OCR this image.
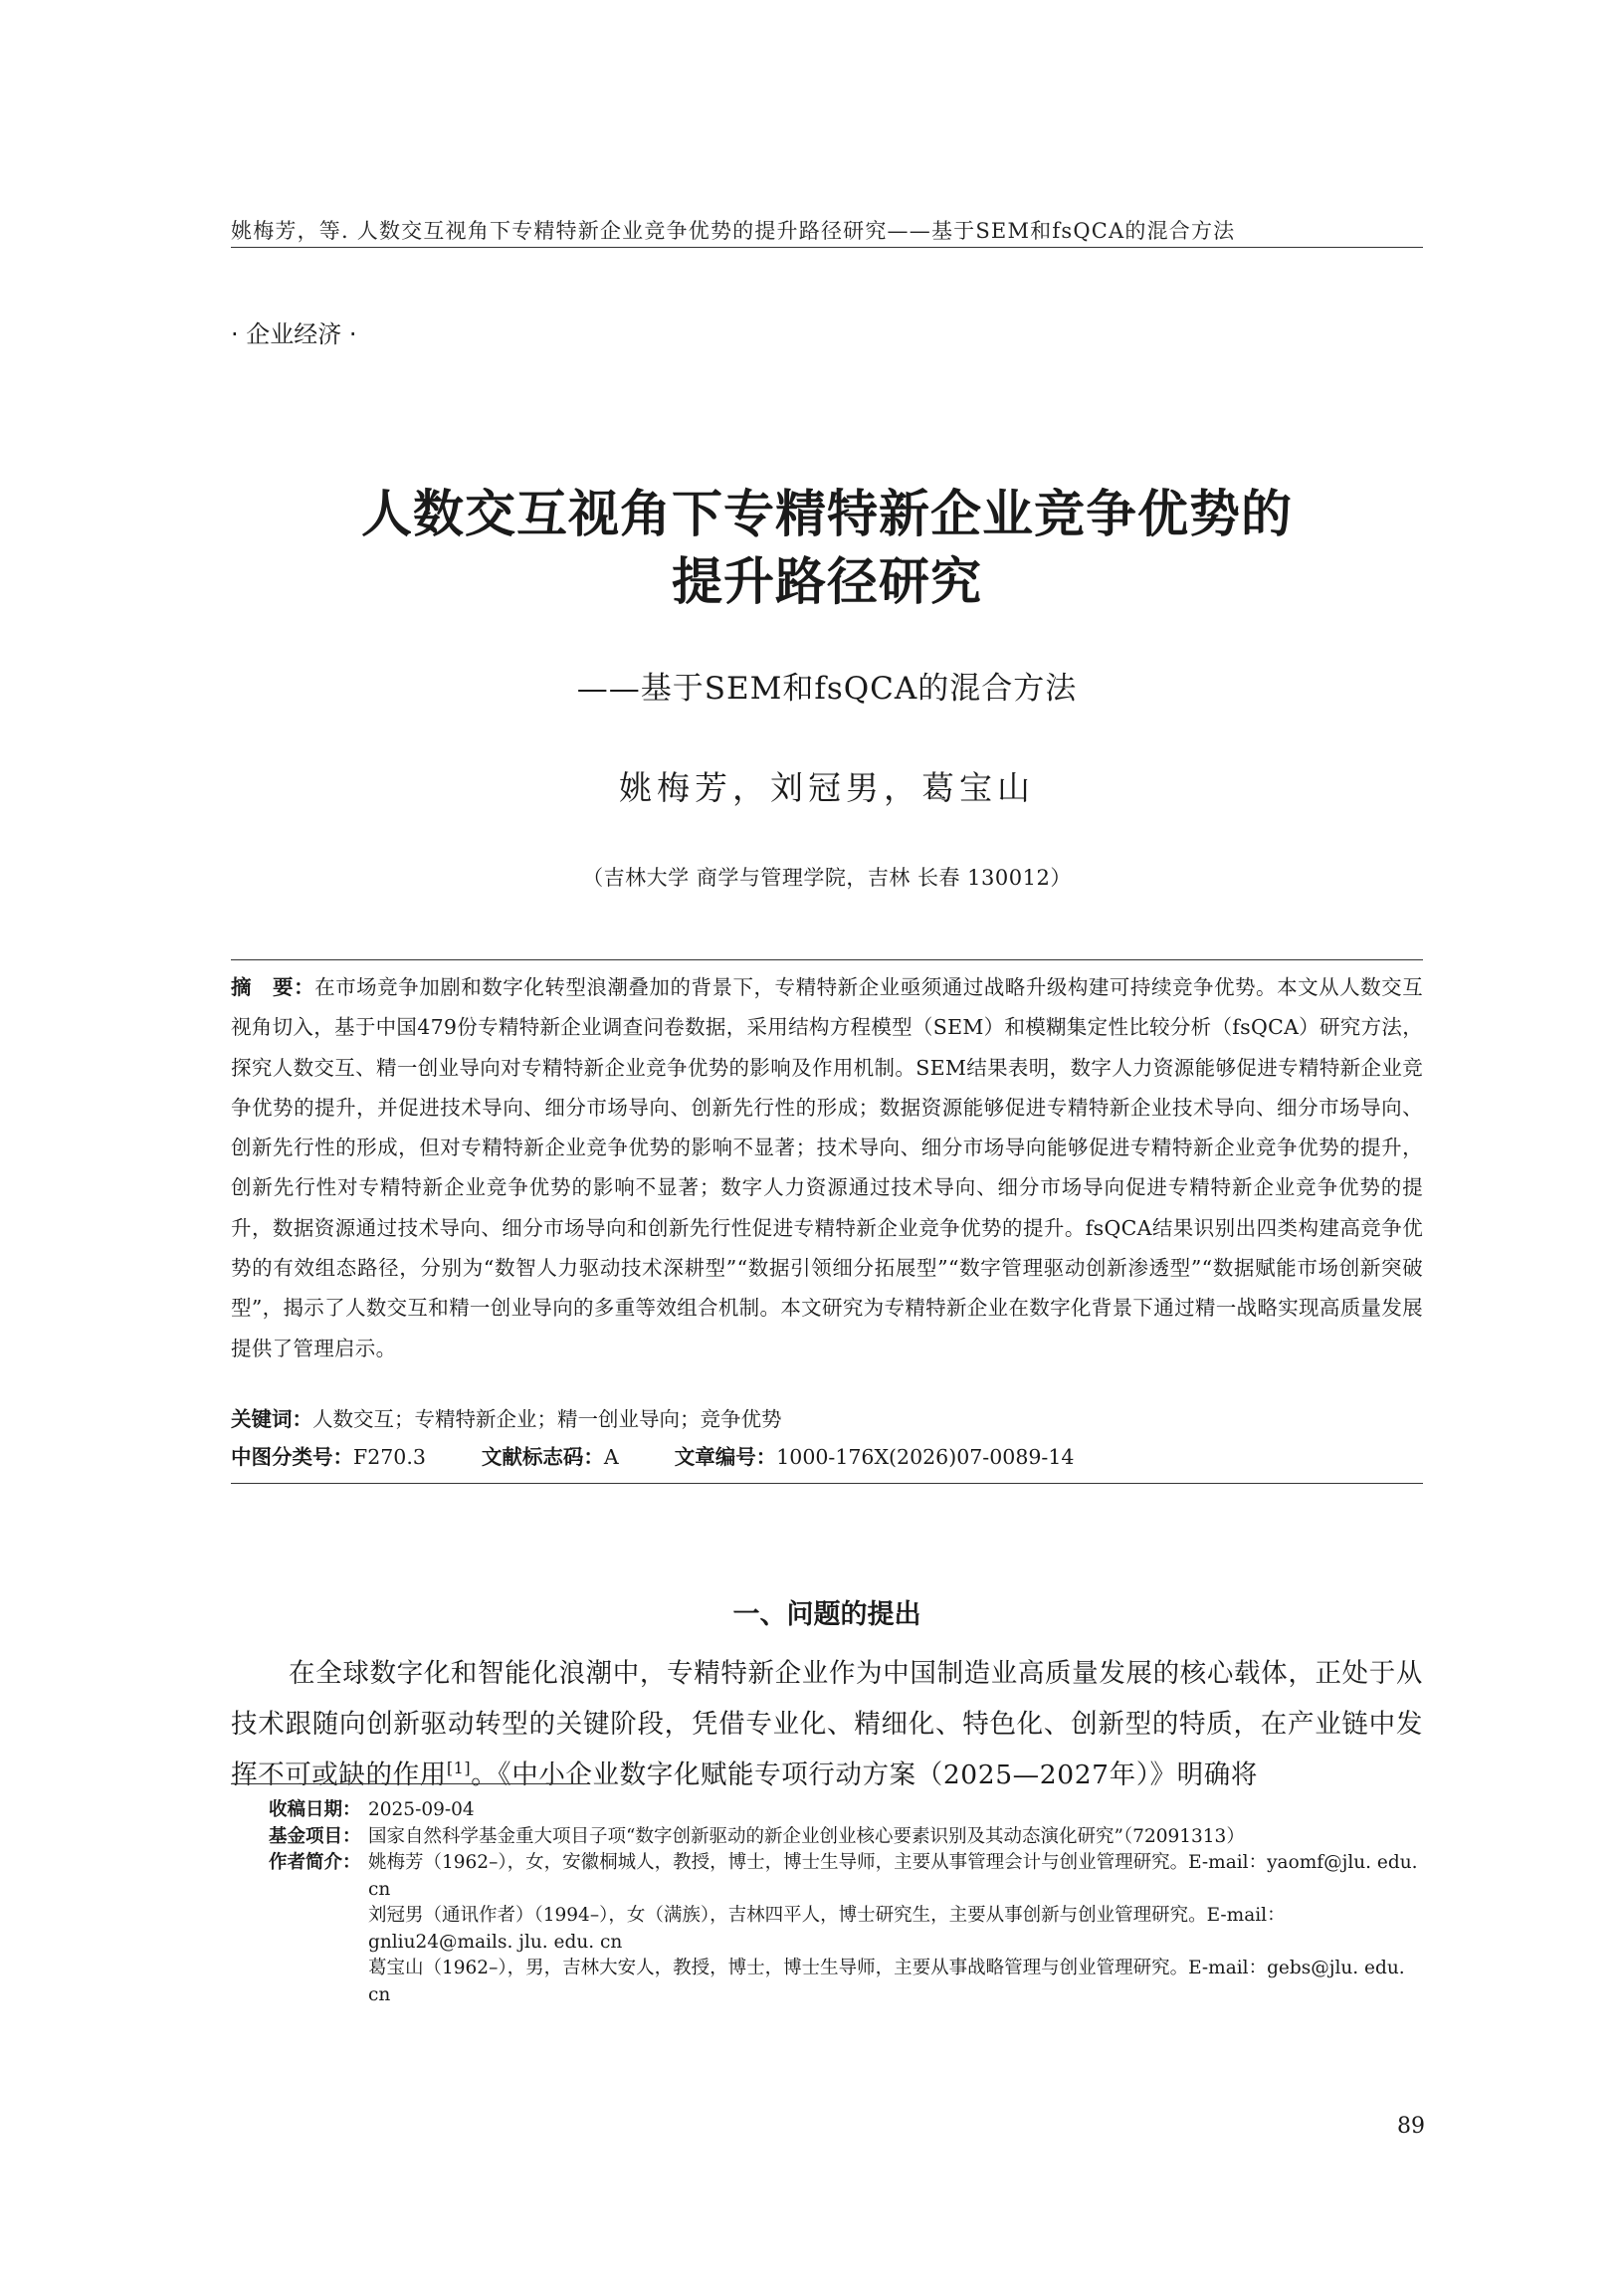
姚梅芳，等. 人数交互视角下专精特新企业竞争优势的提升路径研究——基于SEM和fsQCA的混合方法
· 企业经济 ·
人数交互视角下专精特新企业竞争优势的
提升路径研究
——基于SEM和fsQCA的混合方法
姚梅芳，刘冠男，葛宝山
（吉林大学 商学与管理学院，吉林 长春 130012）
摘　要：在市场竞争加剧和数字化转型浪潮叠加的背景下，专精特新企业亟须通过战略升级构建可持续竞争优势。本文从人数交互视角切入，基于中国479份专精特新企业调查问卷数据，采用结构方程模型（SEM）和模糊集定性比较分析（fsQCA）研究方法，探究人数交互、精一创业导向对专精特新企业竞争优势的影响及作用机制。SEM结果表明，数字人力资源能够促进专精特新企业竞争优势的提升，并促进技术导向、细分市场导向、创新先行性的形成；数据资源能够促进专精特新企业技术导向、细分市场导向、创新先行性的形成，但对专精特新企业竞争优势的影响不显著；技术导向、细分市场导向能够促进专精特新企业竞争优势的提升，创新先行性对专精特新企业竞争优势的影响不显著；数字人力资源通过技术导向、细分市场导向促进专精特新企业竞争优势的提升，数据资源通过技术导向、细分市场导向和创新先行性促进专精特新企业竞争优势的提升。fsQCA结果识别出四类构建高竞争优势的有效组态路径，分别为“数智人力驱动技术深耕型”“数据引领细分拓展型”“数字管理驱动创新渗透型”“数据赋能市场创新突破型”，揭示了人数交互和精一创业导向的多重等效组合机制。本文研究为专精特新企业在数字化背景下通过精一战略实现高质量发展提供了管理启示。
关键词：人数交互；专精特新企业；精一创业导向；竞争优势
中图分类号：F270.3	文献标志码：A	文章编号：1000-176X(2026)07-0089-14
一、问题的提出
在全球数字化和智能化浪潮中，专精特新企业作为中国制造业高质量发展的核心载体，正处于从技术跟随向创新驱动转型的关键阶段，凭借专业化、精细化、特色化、创新型的特质，在产业链中发挥不可或缺的作用[1]。《中小企业数字化赋能专项行动方案（2025—2027年）》明确将
收稿日期： 2025-09-04
基金项目： 国家自然科学基金重大项目子项“数字创新驱动的新企业创业核心要素识别及其动态演化研究”（72091313）
作者简介： 姚梅芳（1962–），女，安徽桐城人，教授，博士，博士生导师，主要从事管理会计与创业管理研究。E-mail：yaomf@jlu. edu. cn

刘冠男（通讯作者）（1994–），女（满族），吉林四平人，博士研究生，主要从事创新与创业管理研究。E-mail：gnliu24@mails. jlu. edu. cn

葛宝山（1962–），男，吉林大安人，教授，博士，博士生导师，主要从事战略管理与创业管理研究。E-mail：gebs@jlu. edu. cn

89
